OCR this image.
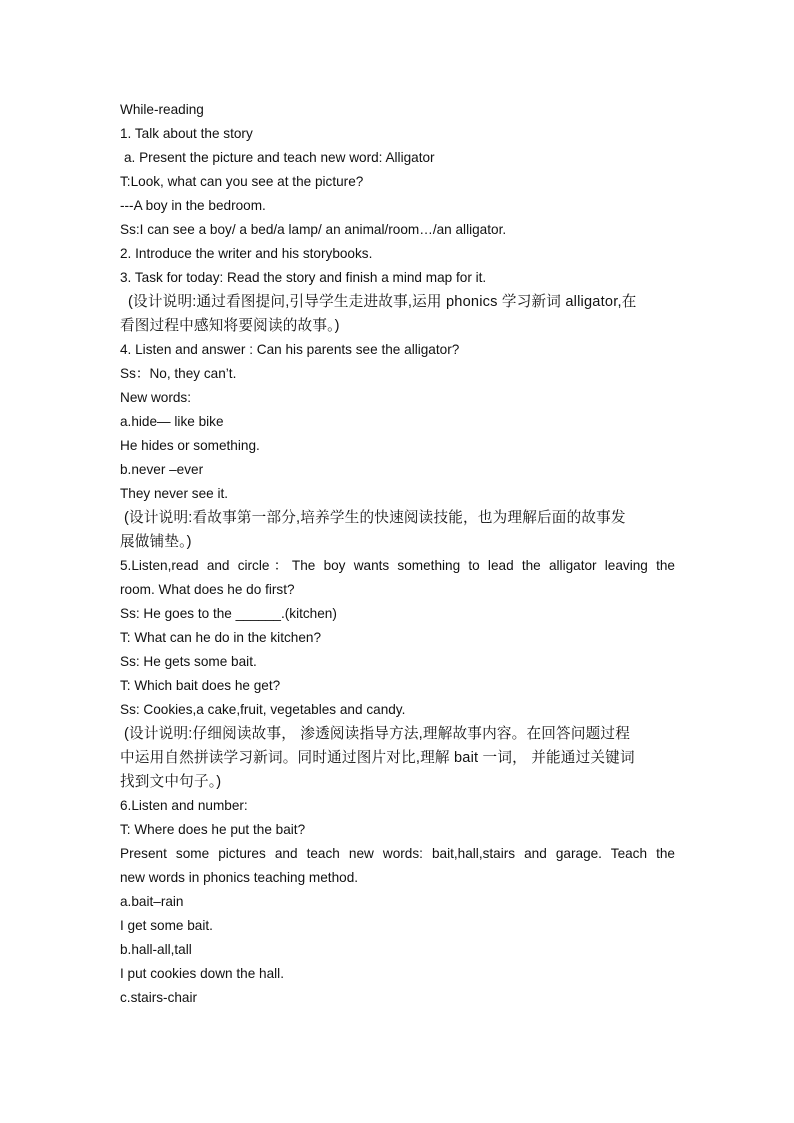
While-reading
1. Talk about the story
a. Present the picture and teach new word: Alligator
T:Look, what can you see at the picture?
---A boy in the bedroom.
Ss:I can see a boy/ a bed/a lamp/ an animal/room…/an alligator.
2. Introduce the writer and his storybooks.
3. Task for today: Read the story and finish a mind map for it.
(设计说明:通过看图提问,引导学生走进故事,运用 phonics 学习新词 alligator,在
看图过程中感知将要阅读的故事。)
4. Listen and answer : Can his parents see the alligator?
Ss：No, they can’t.
New words:
a.hide— like bike
He hides or something.
b.never –ever
They never see it.
(设计说明:看故事第一部分,培养学生的快速阅读技能，也为理解后面的故事发
展做铺垫。)
5.Listen,read and circle：The boy wants something to lead the alligator leaving the
room. What does he do first?
Ss: He goes to the ______.(kitchen)
T: What can he do in the kitchen?
Ss: He gets some bait.
T: Which bait does he get?
Ss: Cookies,a cake,fruit, vegetables and candy.
(设计说明:仔细阅读故事， 渗透阅读指导方法,理解故事内容。在回答问题过程
中运用自然拼读学习新词。同时通过图片对比,理解 bait 一词， 并能通过关键词
找到文中句子。)
6.Listen and number:
T: Where does he put the bait?
Present some pictures and teach new words: bait,hall,stairs and garage. Teach the
new words in phonics teaching method.
a.bait–rain
I get some bait.
b.hall-all,tall
I put cookies down the hall.
c.stairs-chair
